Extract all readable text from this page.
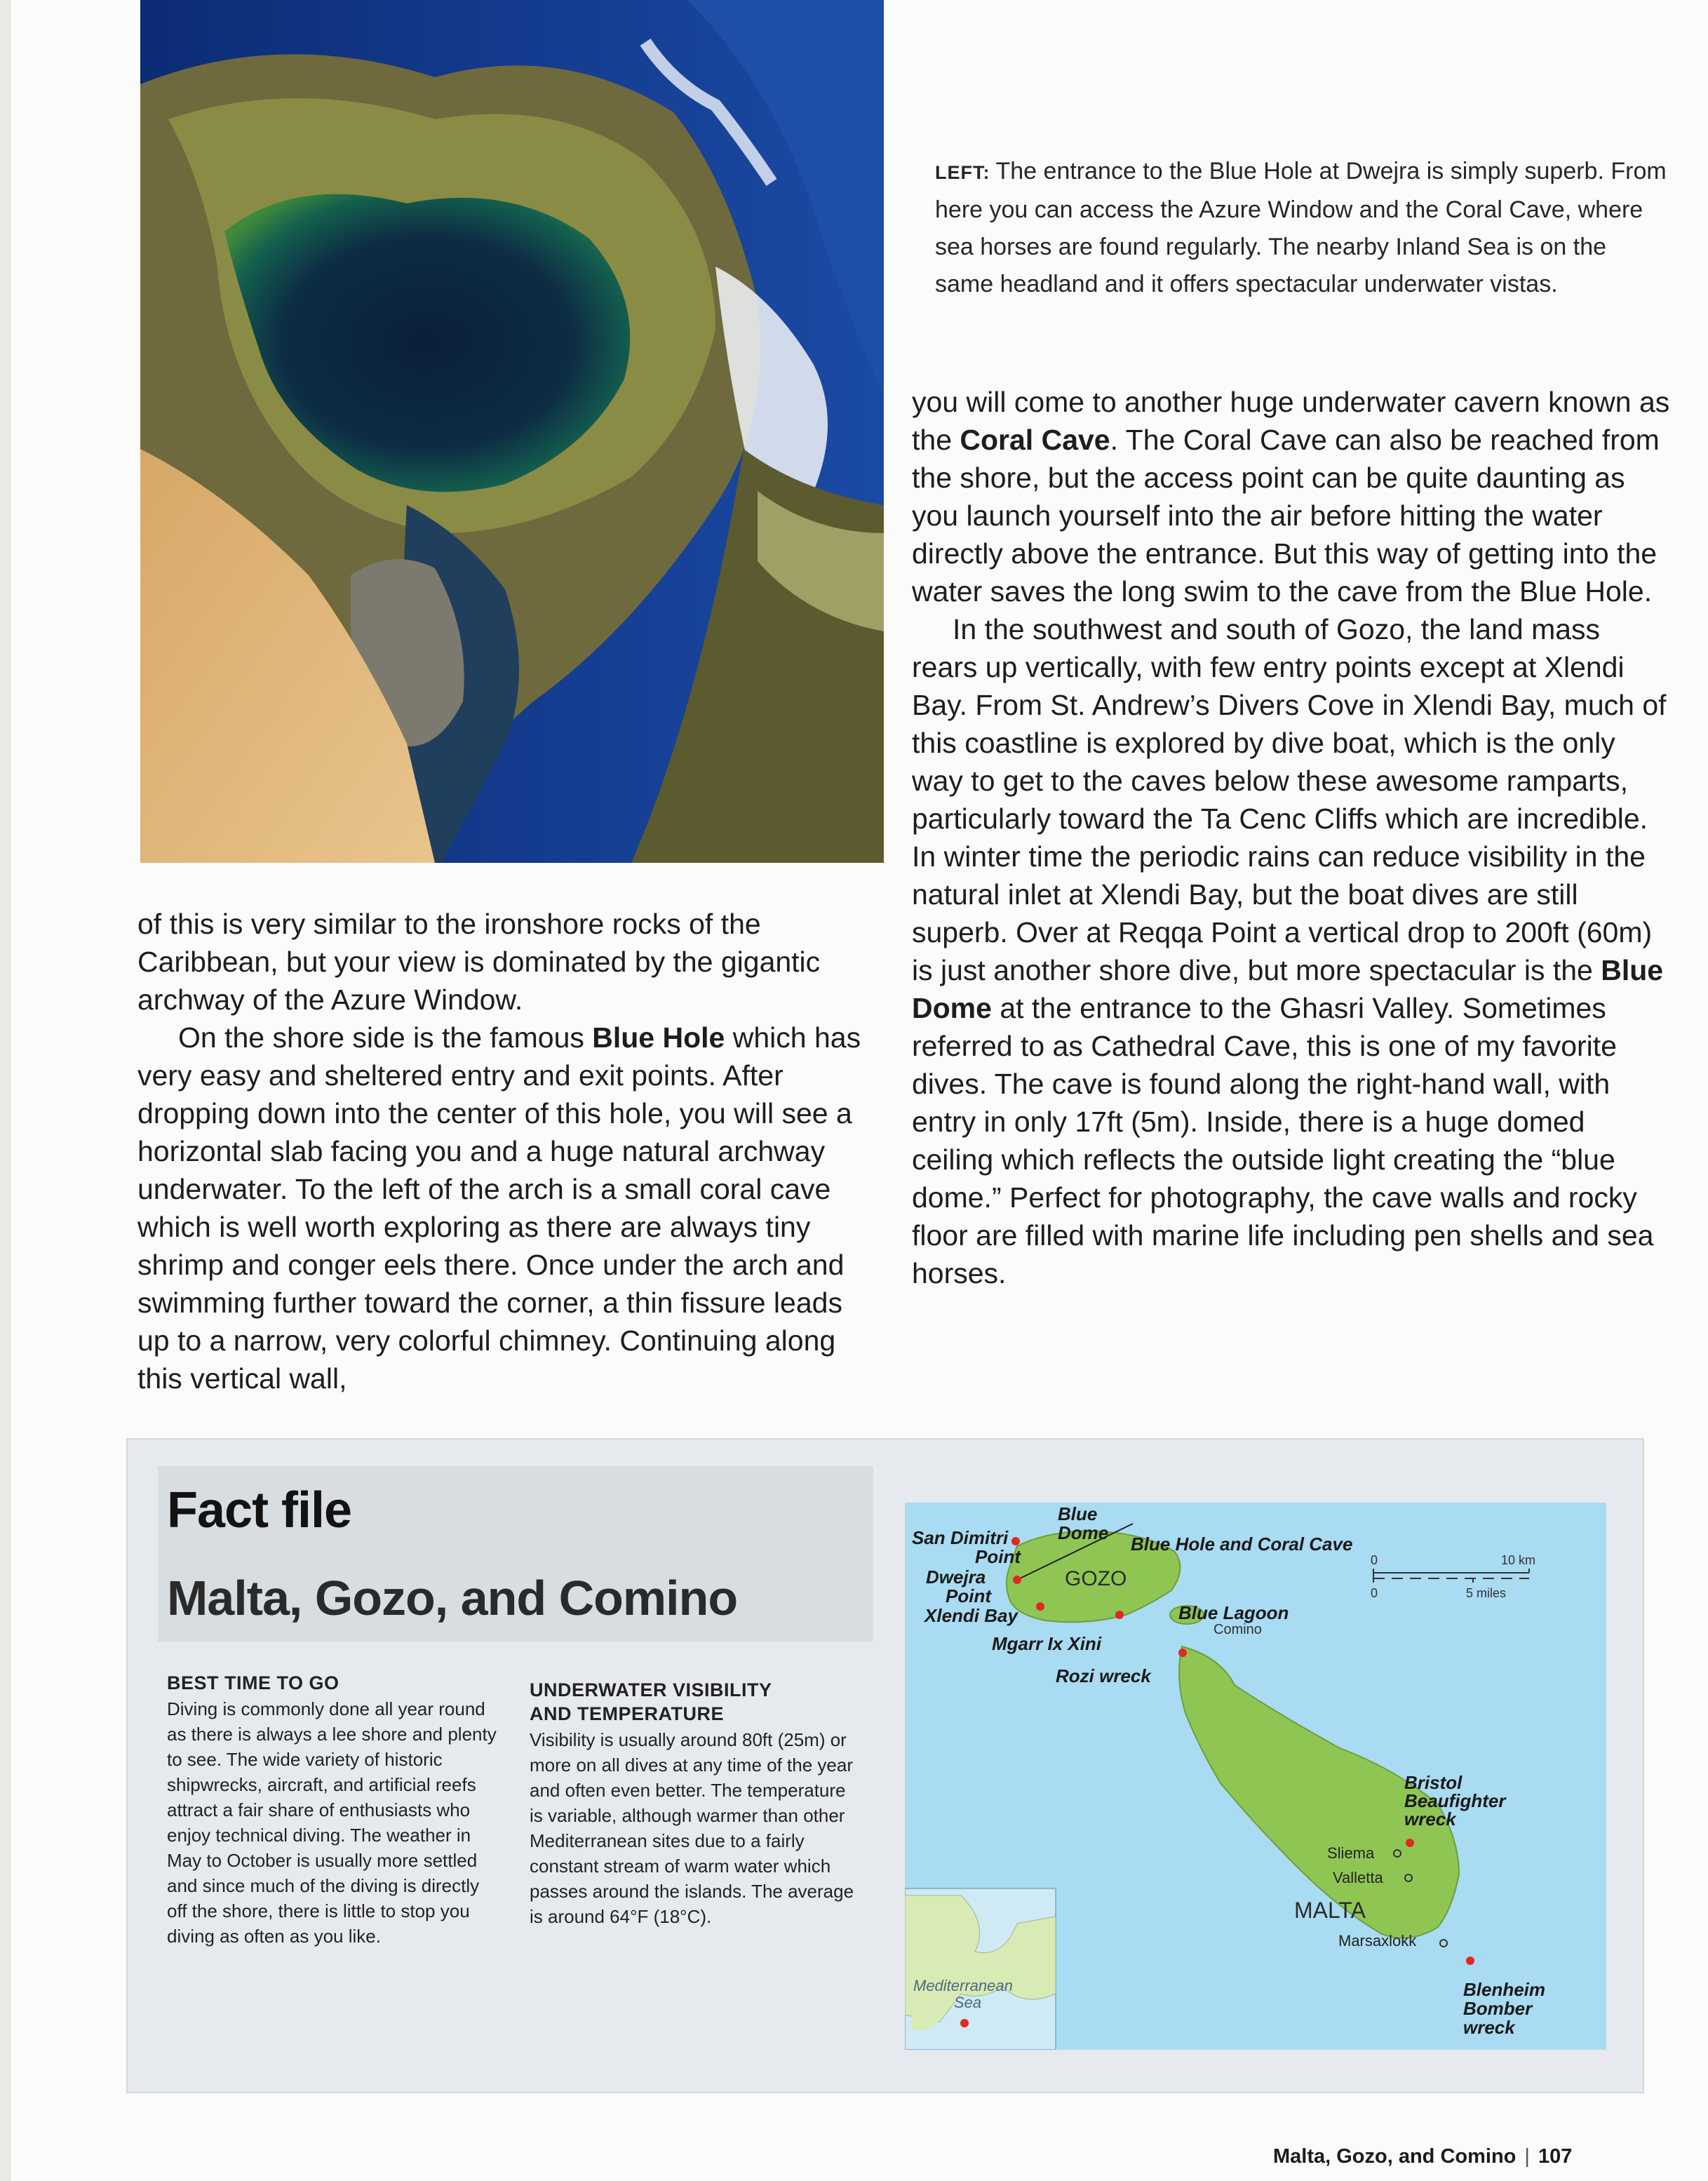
LEFT: The entrance to the Blue Hole at Dwejra is simply superb. From here you can access the Azure Window and the Coral Cave, where sea horses are found regularly. The nearby Inland Sea is on the same headland and it offers spectacular underwater vistas.

of this is very similar to the ironshore rocks of the Caribbean, but your view is dominated by the gigantic archway of the Azure Window.

On the shore side is the famous Blue Hole which has very easy and sheltered entry and exit points. After dropping down into the center of this hole, you will see a horizontal slab facing you and a huge natural archway underwater. To the left of the arch is a small coral cave which is well worth exploring as there are always tiny shrimp and conger eels there. Once under the arch and swimming further toward the corner, a thin fissure leads up to a narrow, very colorful chimney. Continuing along this vertical wall,

you will come to another huge underwater cavern known as the Coral Cave. The Coral Cave can also be reached from the shore, but the access point can be quite daunting as you launch yourself into the air before hitting the water directly above the entrance. But this way of getting into the water saves the long swim to the cave from the Blue Hole.

In the southwest and south of Gozo, the land mass rears up vertically, with few entry points except at Xlendi Bay. From St. Andrew’s Divers Cove in Xlendi Bay, much of this coastline is explored by dive boat, which is the only way to get to the caves below these awesome ramparts, particularly toward the Ta Cenc Cliffs which are incredible. In winter time the periodic rains can reduce visibility in the natural inlet at Xlendi Bay, but the boat dives are still superb. Over at Reqqa Point a vertical drop to 200ft (60m) is just another shore dive, but more spectacular is the Blue Dome at the entrance to the Ghasri Valley. Sometimes referred to as Cathedral Cave, this is one of my favorite dives. The cave is found along the right-hand wall, with entry in only 17ft (5m). Inside, there is a huge domed ceiling which reflects the outside light creating the “blue dome.” Perfect for photography, the cave walls and rocky floor are filled with marine life including pen shells and sea horses.

Fact file
Malta, Gozo, and Comino
BEST TIME TO GO

Diving is commonly done all year round as there is always a lee shore and plenty to see. The wide variety of historic shipwrecks, aircraft, and artificial reefs attract a fair share of enthusiasts who enjoy technical diving. The weather in May to October is usually more settled and since much of the diving is directly off the shore, there is little to stop you diving as often as you like.

UNDERWATER VISIBILITY
AND TEMPERATURE

Visibility is usually around 80ft (25m) or more on all dives at any time of the year and often even better. The temperature is variable, although warmer than other Mediterranean sites due to a fairly constant stream of warm water which passes around the islands. The average is around 64°F (18°C).

Mediterranean
Sea
Blue
Dome
San Dimitri
Point
Blue Hole and Coral Cave
Dwejra
Point
Xlendi Bay	Blue Lagoon
Mgarr Ix Xini
Rozi wreck
Bristol
Beaufighter
wreck
Blenheim
Bomber
wreck
GOZO
Comino
Sliema
Valletta
MALTA
Marsaxlokk
0	10 km
0	5 miles
Malta, Gozo, and Comino | 107
